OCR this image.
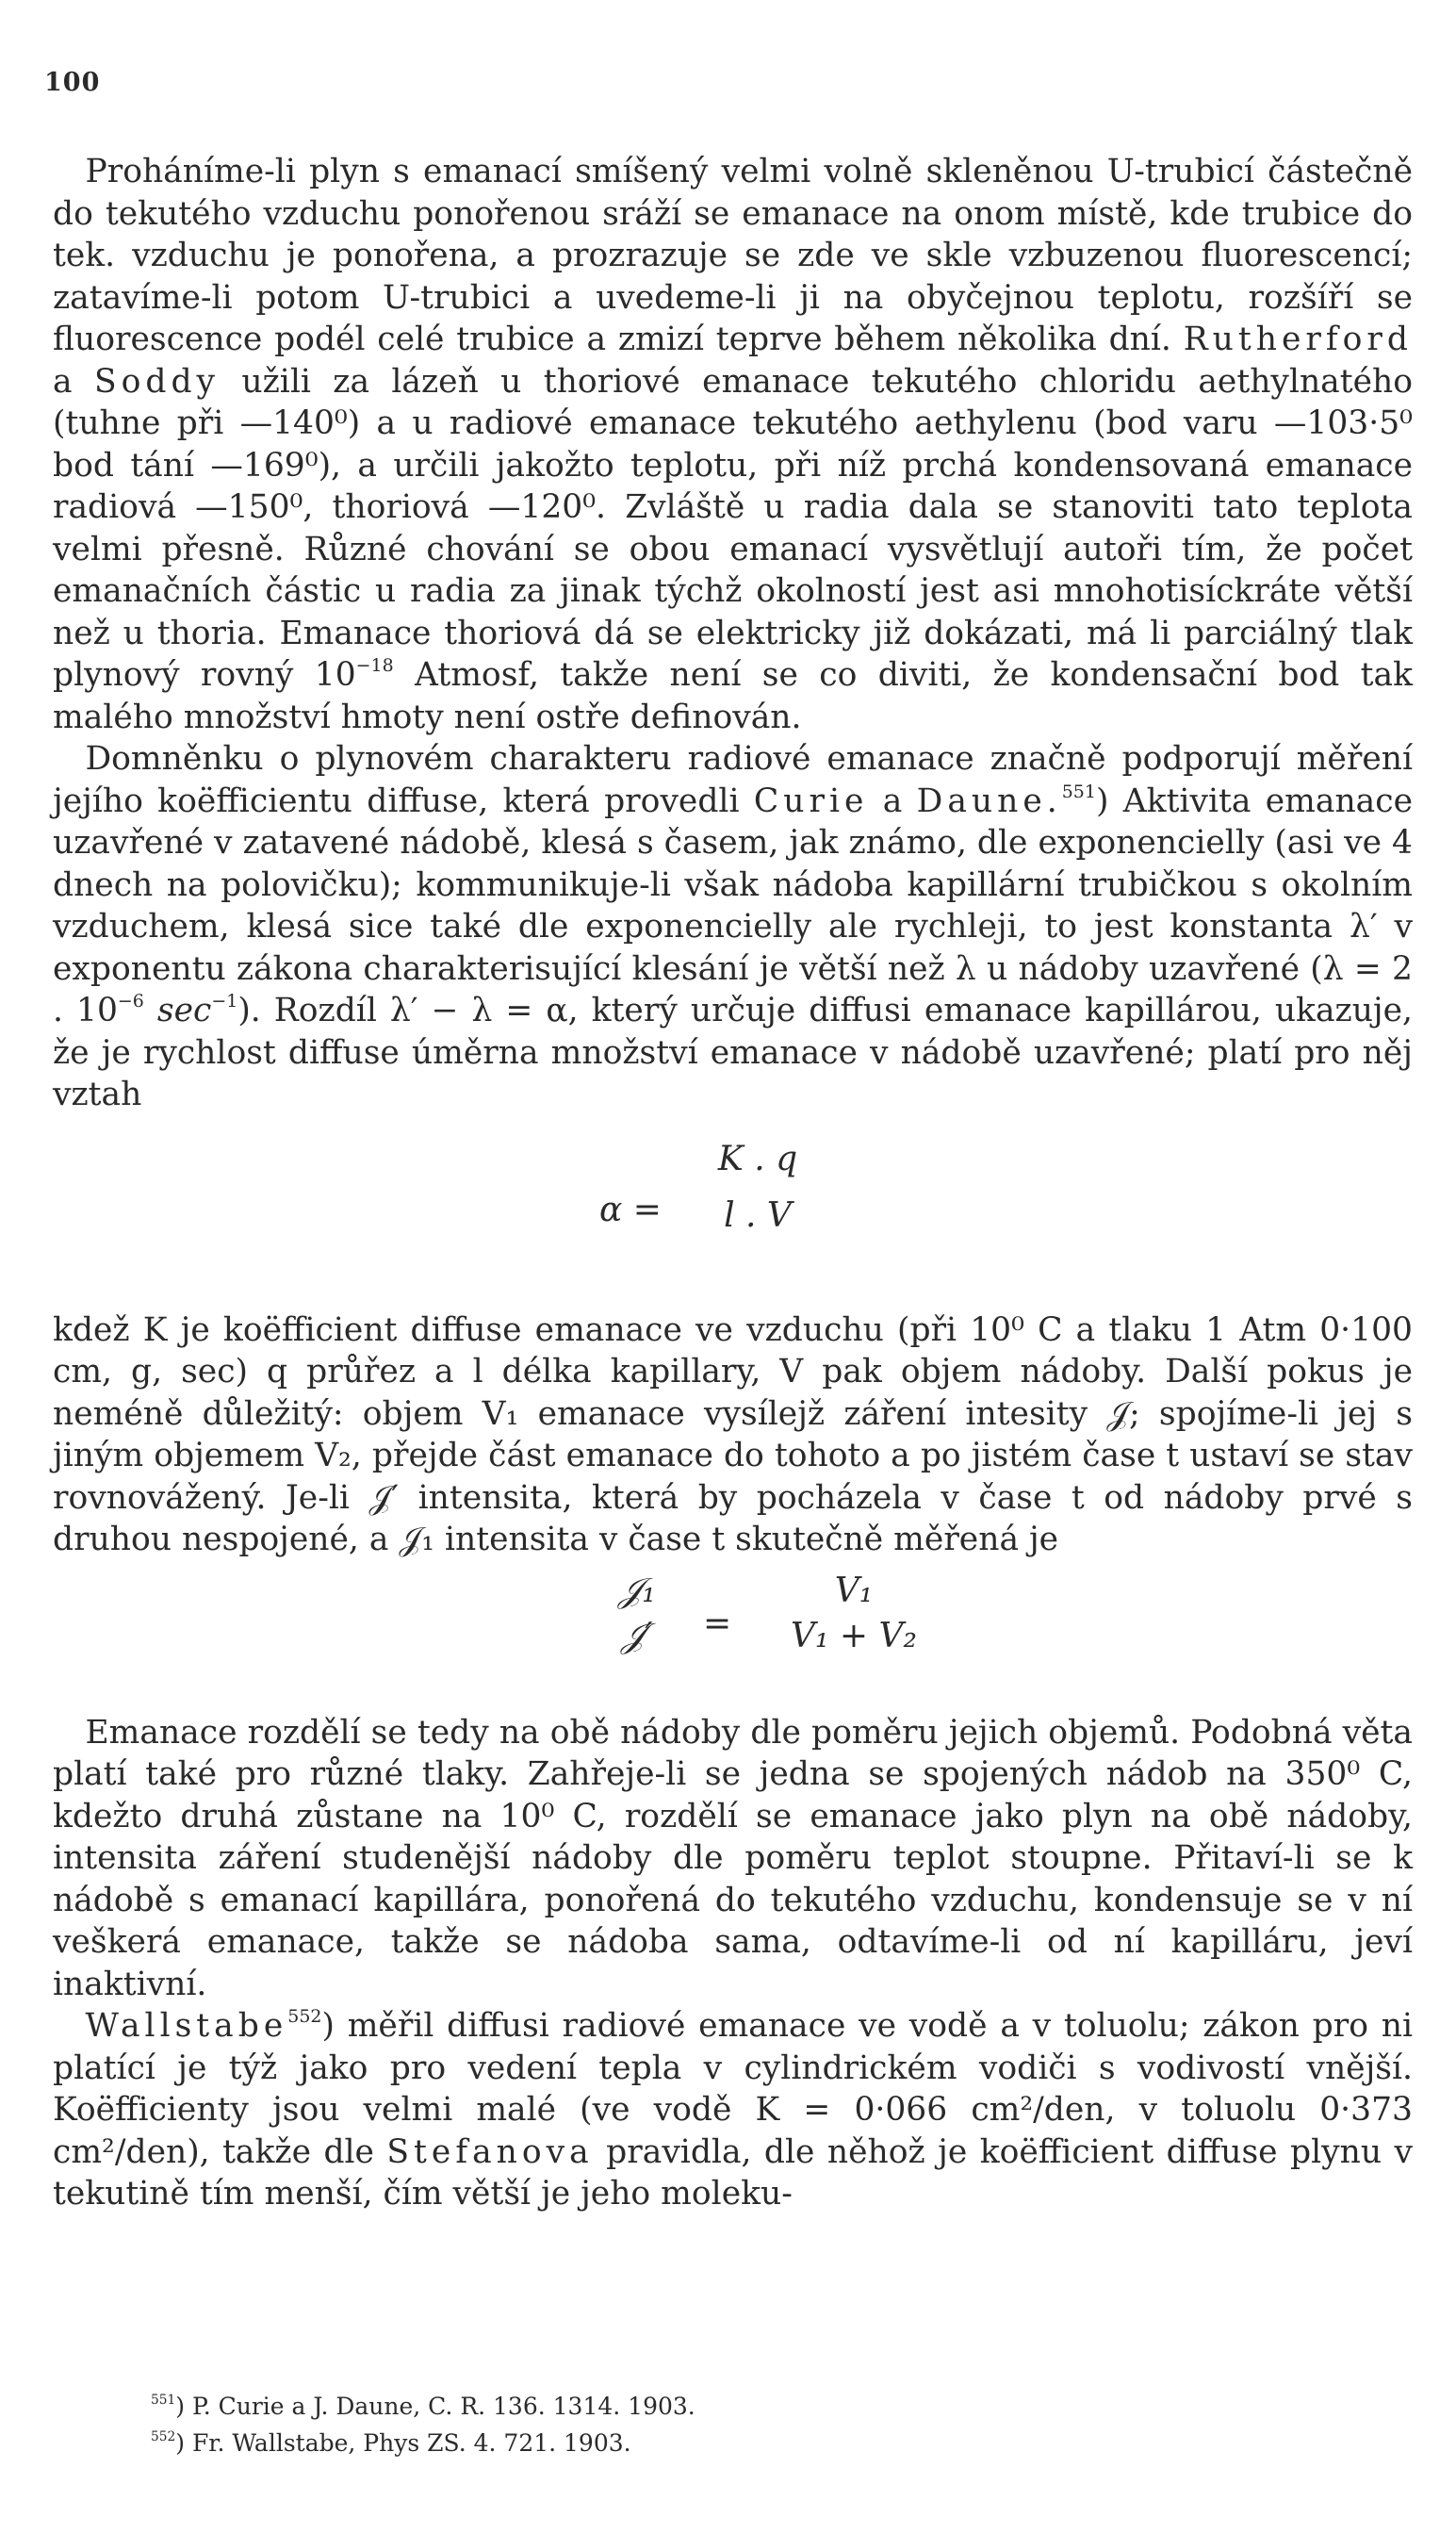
100

 Proháníme-li plyn s emanací smíšený velmi volně skleněnou U-trubicí částečně do tekutého vzduchu ponořenou sráží se emanace na onom místě, kde trubice do tek. vzduchu je ponořena, a prozrazuje se zde ve skle vzbuzenou fluorescencí; zatavíme-li potom U-trubici a uvedeme-li ji na obyčejnou teplotu, rozšíří se fluorescence podél celé trubice a zmizí teprve během několika dní. Rutherford a Soddy užili za lázeň u thoriové emanace tekutého chloridu aethylnatého (tuhne při —140⁰) a u radiové emanace tekutého aethylenu (bod varu —103·5⁰ bod tání —169⁰), a určili jakožto teplotu, při níž prchá kondensovaná emanace radiová —150⁰, thoriová —120⁰. Zvláště u radia dala se stanoviti tato teplota velmi přesně. Různé chování se obou emanací vysvětlují autoři tím, že počet emanačních částic u radia za jinak týchž okolností jest asi mnohotisíckráte větší než u thoria. Emanace thoriová dá se elektricky již dokázati, má li parciálný tlak plynový rovný $10^{-18}$ Atmosf, takže není se co diviti, že kondensační bod tak malého množství hmoty není ostře definován.

 Domněnku o plynovém charakteru radiové emanace značně podporují měření jejího koëfficientu diffuse, která provedli Curie a Daune.$^{551}$) Aktivita emanace uzavřené v zatavené nádobě, klesá s časem, jak známo, dle exponencielly (asi ve 4 dnech na polovičku); kommunikuje-li však nádoba kapillární trubičkou s okolním vzduchem, klesá sice také dle exponencielly ale rychleji, to jest konstanta λ′ v exponentu zákona charakterisující klesání je větší než λ u nádoby uzavřené (λ = 2 . $10^{-6}$ $\sec^{-1}$). Rozdíl λ′ − λ = α, který určuje diffusi emanace kapillárou, ukazuje, že je rychlost diffuse úměrna množství emanace v nádobě uzavřené; platí pro něj vztah

α =
K . q
l . V

kdež K je koëfficient diffuse emanace ve vzduchu (při 10⁰ C a tlaku 1 Atm 0·100 cm, g, sec) q průřez a l délka kapillary, V pak objem nádoby. Další pokus je neméně důležitý: objem V₁ emanace vysílejž záření intesity 𝒥; spojíme-li jej s jiným objemem V₂, přejde část emanace do tohoto a po jistém čase t ustaví se stav rovnovážený. Je-li 𝒥′ intensita, která by pocházela v čase t od nádoby prvé s druhou nespojené, a 𝒥₁ intensita v čase t skutečně měřená je

𝒥₁
𝒥′	=
V₁
V₁ + V₂

 Emanace rozdělí se tedy na obě nádoby dle poměru jejich objemů. Podobná věta platí také pro různé tlaky. Zahřeje-li se jedna se spojených nádob na 350⁰ C, kdežto druhá zůstane na 10⁰ C, rozdělí se emanace jako plyn na obě nádoby, intensita záření studenější nádoby dle poměru teplot stoupne. Přitaví-li se k nádobě s emanací kapillára, ponořená do tekutého vzduchu, kondensuje se v ní veškerá emanace, takže se nádoba sama, odtavíme-li od ní kapilláru, jeví inaktivní.

 Wallstabe$^{552}$) měřil diffusi radiové emanace ve vodě a v toluolu; zákon pro ni platící je týž jako pro vedení tepla v cylindrickém vodiči s vodivostí vnější. Koëfficienty jsou velmi malé (ve vodě K = 0·066 cm²/den, v toluolu 0·373 cm²/den), takže dle Stefanova pravidla, dle něhož je koëfficient diffuse plynu v tekutině tím menší, čím větší je jeho moleku-

$^{551}$) P. Curie a J. Daune, C. R. 136. 1314. 1903.
$^{552}$) Fr. Wallstabe, Phys ZS. 4. 721. 1903.
